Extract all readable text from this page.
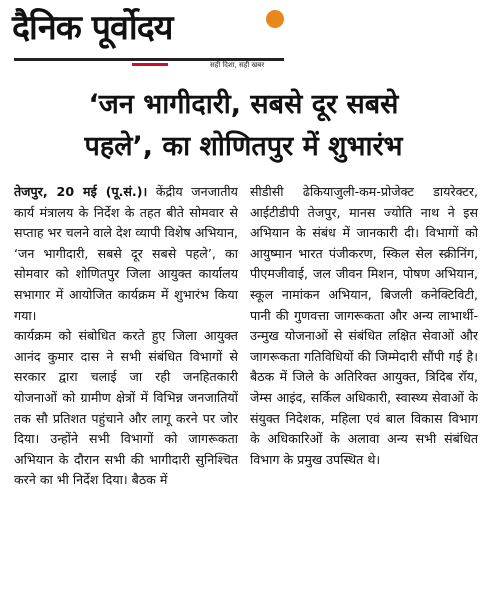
दैनिक पूर्वोदय
सही दिशा, सही खबर
‘जन भागीदारी, सबसे दूर सबसे
पहले’, का शोणितपुर में शुभारंभ

तेजपुर, 20 मई (पू.सं.)। केंद्रीय जनजातीय कार्य मंत्रालय के निर्देश के तहत बीते सोमवार से सप्ताह भर चलने वाले देश व्यापी विशेष अभियान, ‘जन भागीदारी, सबसे दूर सबसे पहले’, का सोमवार को शोणितपुर जिला आयुक्त कार्यालय सभागार में आयोजित कार्यक्रम में शुभारंभ किया गया।

कार्यक्रम को संबोधित करते हुए जिला आयुक्त आनंद कुमार दास ने सभी संबंधित विभागों से सरकार द्वारा चलाई जा रही जनहितकारी योजनाओं को ग्रामीण क्षेत्रों में विभिन्न जनजातियों तक सौ प्रतिशत पहुंचाने और लागू करने पर जोर दिया। उन्होंने सभी विभागों को जागरूकता अभियान के दौरान सभी की भागीदारी सुनिश्चित करने का भी निर्देश दिया। बैठक में

सीडीसी ढेकियाजुली-कम-प्रोजेक्ट डायरेक्टर, आईटीडीपी तेजपुर, मानस ज्योति नाथ ने इस अभियान के संबंध में जानकारी दी। विभागों को आयुष्मान भारत पंजीकरण, स्किल सेल स्क्रीनिंग, पीएमजीवाई, जल जीवन मिशन, पोषण अभियान, स्कूल नामांकन अभियान, बिजली कनेक्टिविटी, पानी की गुणवत्ता जागरूकता और अन्य लाभार्थी-उन्मुख योजनाओं से संबंधित लक्षित सेवाओं और जागरूकता गतिविधियों की जिम्मेदारी सौंपी गई है। बैठक में जिले के अतिरिक्त आयुक्त, त्रिदिब रॉय, जेम्स आइंद, सर्किल अधिकारी, स्वास्थ्य सेवाओं के संयुक्त निदेशक, महिला एवं बाल विकास विभाग के अधिकारिओं के अलावा अन्य सभी संबंधित विभाग के प्रमुख उपस्थित थे।
